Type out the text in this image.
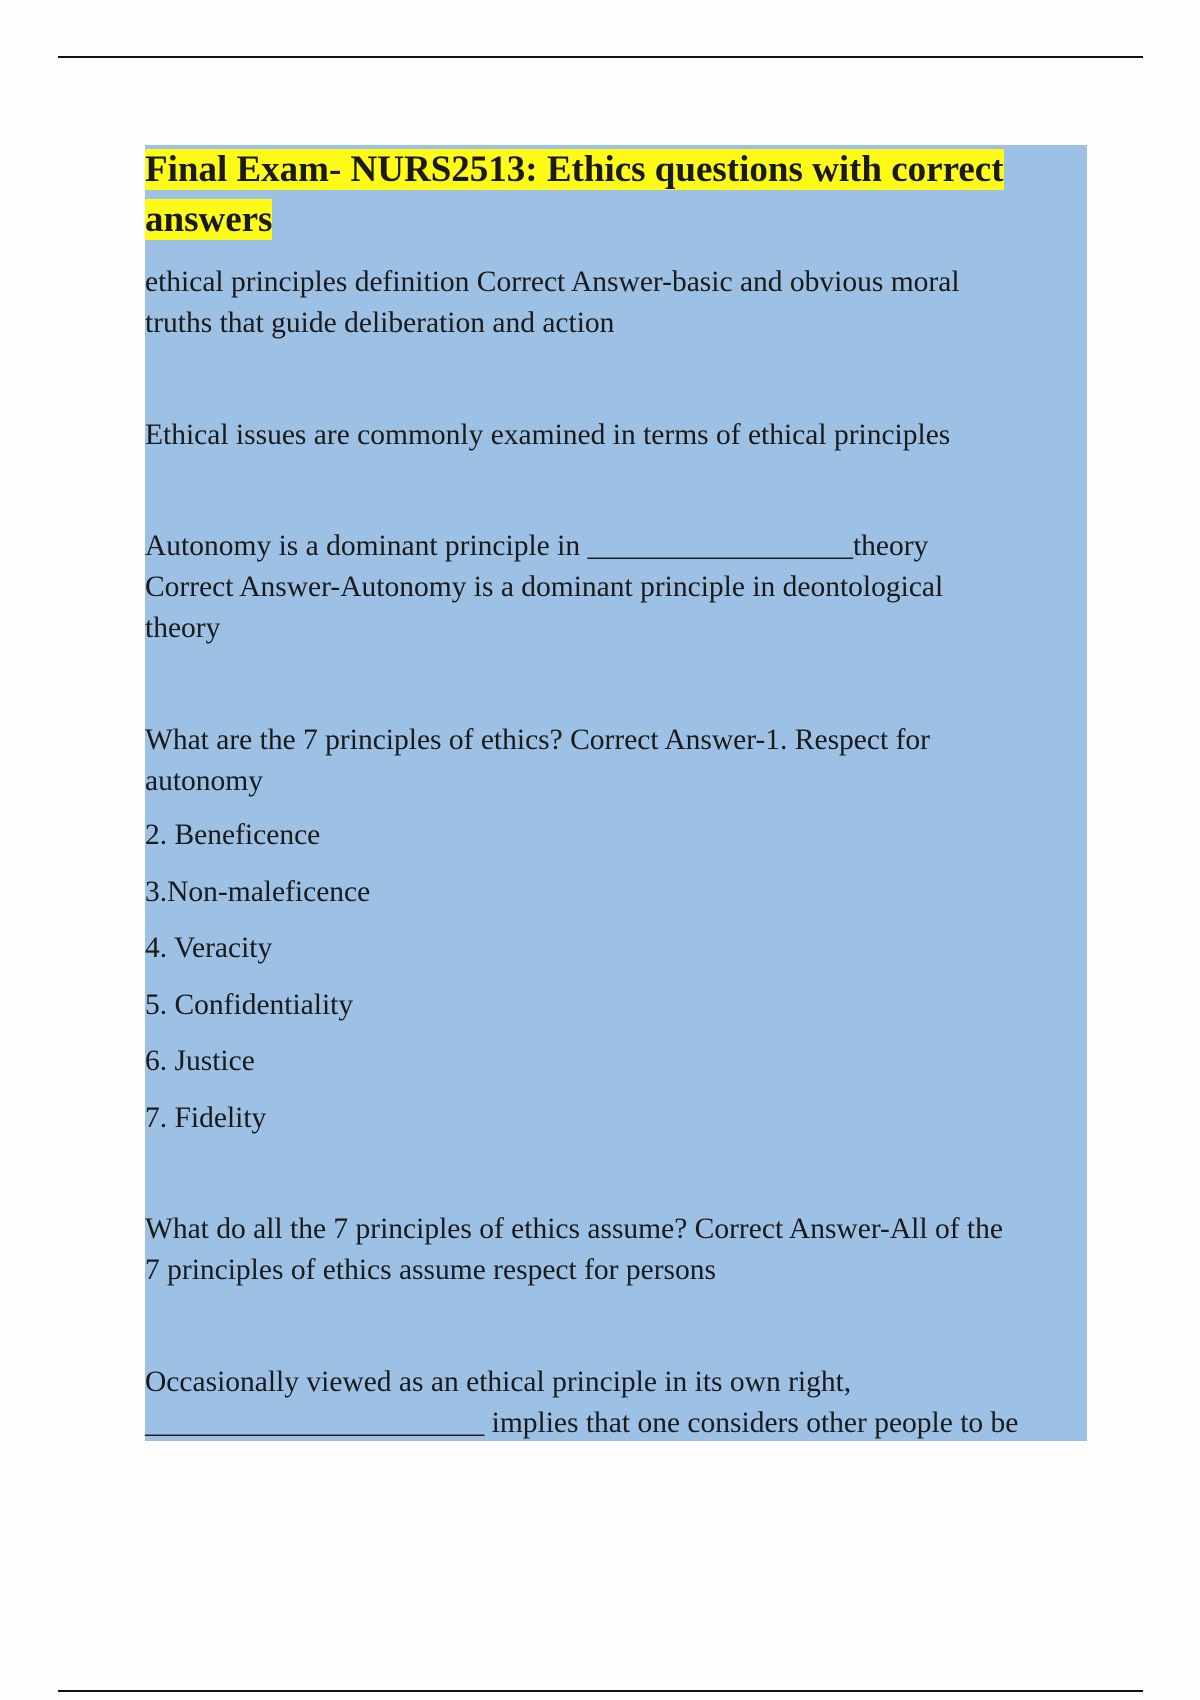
Final Exam- NURS2513: Ethics questions with correct answers

ethical principles definition Correct Answer-basic and obvious moral

truths that guide deliberation and action

Ethical issues are commonly examined in terms of ethical principles

Autonomy is a dominant principle in __________________theory

Correct Answer-Autonomy is a dominant principle in deontological

theory

What are the 7 principles of ethics? Correct Answer-1. Respect for

autonomy

2. Beneficence

3.Non-maleficence

4. Veracity

5. Confidentiality

6. Justice

7. Fidelity

What do all the 7 principles of ethics assume? Correct Answer-All of the

7 principles of ethics assume respect for persons

Occasionally viewed as an ethical principle in its own right,

_______________________ implies that one considers other people to be
